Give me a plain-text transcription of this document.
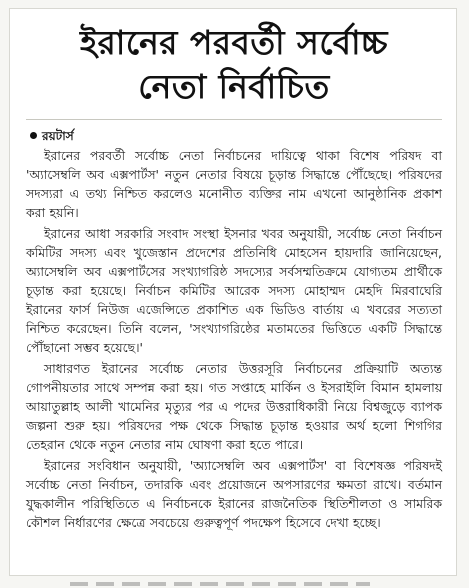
ইরানের পরবর্তী সর্বোচ্চ
নেতা নির্বাচিত
রয়টার্স

ইরানের পরবর্তী সর্বোচ্চ নেতা নির্বাচনের দায়িত্বে থাকা বিশেষ পরিষদ বা 'অ্যাসেম্বলি অব এক্সপার্টস' নতুন নেতার বিষয়ে চূড়ান্ত সিদ্ধান্তে পৌঁছেছে। পরিষদের সদস্যরা এ তথ্য নিশ্চিত করলেও মনোনীত ব্যক্তির নাম এখনো আনুষ্ঠানিক প্রকাশ করা হয়নি।

ইরানের আধা সরকারি সংবাদ সংস্থা ইসনার খবর অনুযায়ী, সর্বোচ্চ নেতা নির্বাচন কমিটির সদস্য এবং খুজেস্তান প্রদেশের প্রতিনিধি মোহসেন হায়দারি জানিয়েছেন, অ্যাসেম্বলি অব এক্সপার্টসের সংখ্যাগরিষ্ঠ সদস্যের সর্বসম্মতিক্রমে যোগ্যতম প্রার্থীকে চূড়ান্ত করা হয়েছে। নির্বাচন কমিটির আরেক সদস্য মোহাম্মদ মেহদি মিরবাঘেরি ইরানের ফার্স নিউজ এজেন্সিতে প্রকাশিত এক ভিডিও বার্তায় এ খবরের সত্যতা নিশ্চিত করেছেন। তিনি বলেন, 'সংখ্যাগরিষ্ঠের মতামতের ভিত্তিতে একটি সিদ্ধান্তে পৌঁছানো সম্ভব হয়েছে।'

সাধারণত ইরানের সর্বোচ্চ নেতার উত্তরসূরি নির্বাচনের প্রক্রিয়াটি অত্যন্ত গোপনীয়তার সাথে সম্পন্ন করা হয়। গত সপ্তাহে মার্কিন ও ইসরাইলি বিমান হামলায় আয়াতুল্লাহ আলী খামেনির মৃত্যুর পর এ পদের উত্তরাধিকারী নিয়ে বিশ্বজুড়ে ব্যাপক জল্পনা শুরু হয়। পরিষদের পক্ষ থেকে সিদ্ধান্ত চূড়ান্ত হওয়ার অর্থ হলো শিগগির তেহরান থেকে নতুন নেতার নাম ঘোষণা করা হতে পারে।

ইরানের সংবিধান অনুযায়ী, 'অ্যাসেম্বলি অব এক্সপার্টস' বা বিশেষজ্ঞ পরিষদই সর্বোচ্চ নেতা নির্বাচন, তদারকি এবং প্রয়োজনে অপসারণের ক্ষমতা রাখে। বর্তমান যুদ্ধকালীন পরিস্থিতিতে এ নির্বাচনকে ইরানের রাজনৈতিক স্থিতিশীলতা ও সামরিক কৌশল নির্ধারণের ক্ষেত্রে সবচেয়ে গুরুত্বপূর্ণ পদক্ষেপ হিসেবে দেখা হচ্ছে।
